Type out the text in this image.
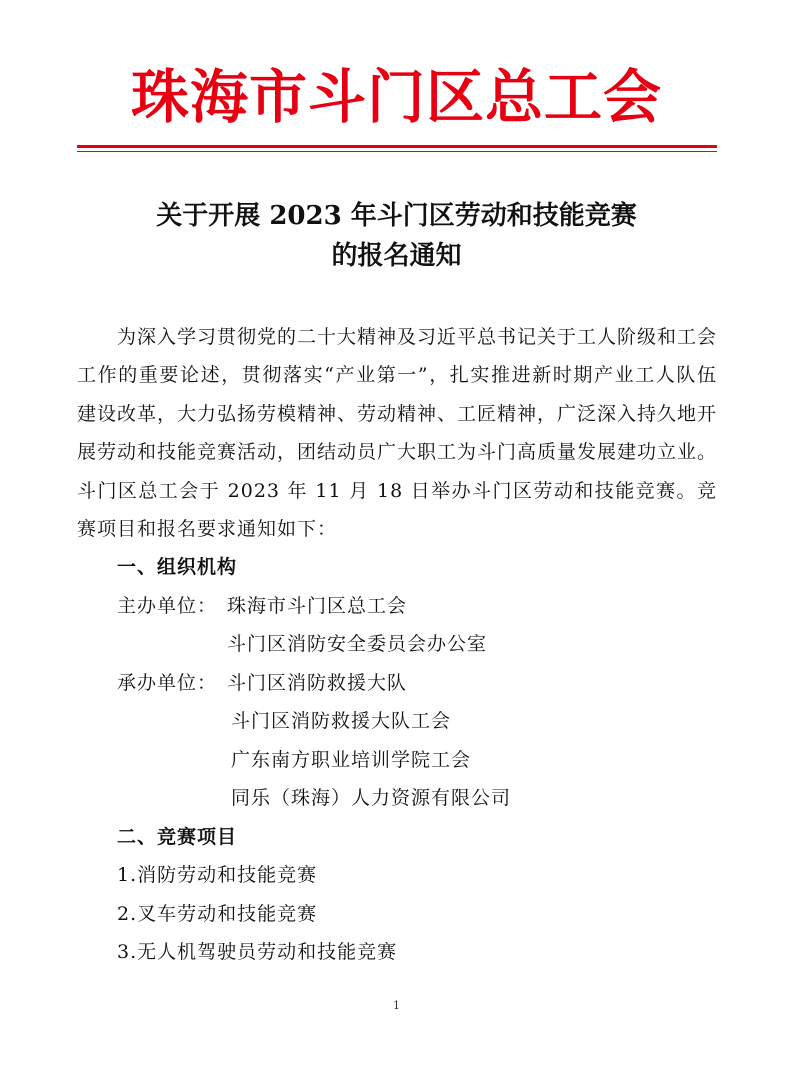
珠海市斗门区总工会
关于开展 2023 年斗门区劳动和技能竞赛
的报名通知
为深入学习贯彻党的二十大精神及习近平总书记关于工人阶级和工会工作的重要论述，贯彻落实“产业第一”，扎实推进新时期产业工人队伍建设改革，大力弘扬劳模精神、劳动精神、工匠精神，广泛深入持久地开展劳动和技能竞赛活动，团结动员广大职工为斗门高质量发展建功立业。斗门区总工会于 2023 年 11 月 18 日举办斗门区劳动和技能竞赛。竞赛项目和报名要求通知如下：
一、组织机构
主办单位： 珠海市斗门区总工会
斗门区消防安全委员会办公室
承办单位： 斗门区消防救援大队
斗门区消防救援大队工会
广东南方职业培训学院工会
同乐（珠海）人力资源有限公司
二、竞赛项目
1.消防劳动和技能竞赛
2.叉车劳动和技能竞赛
3.无人机驾驶员劳动和技能竞赛
1
